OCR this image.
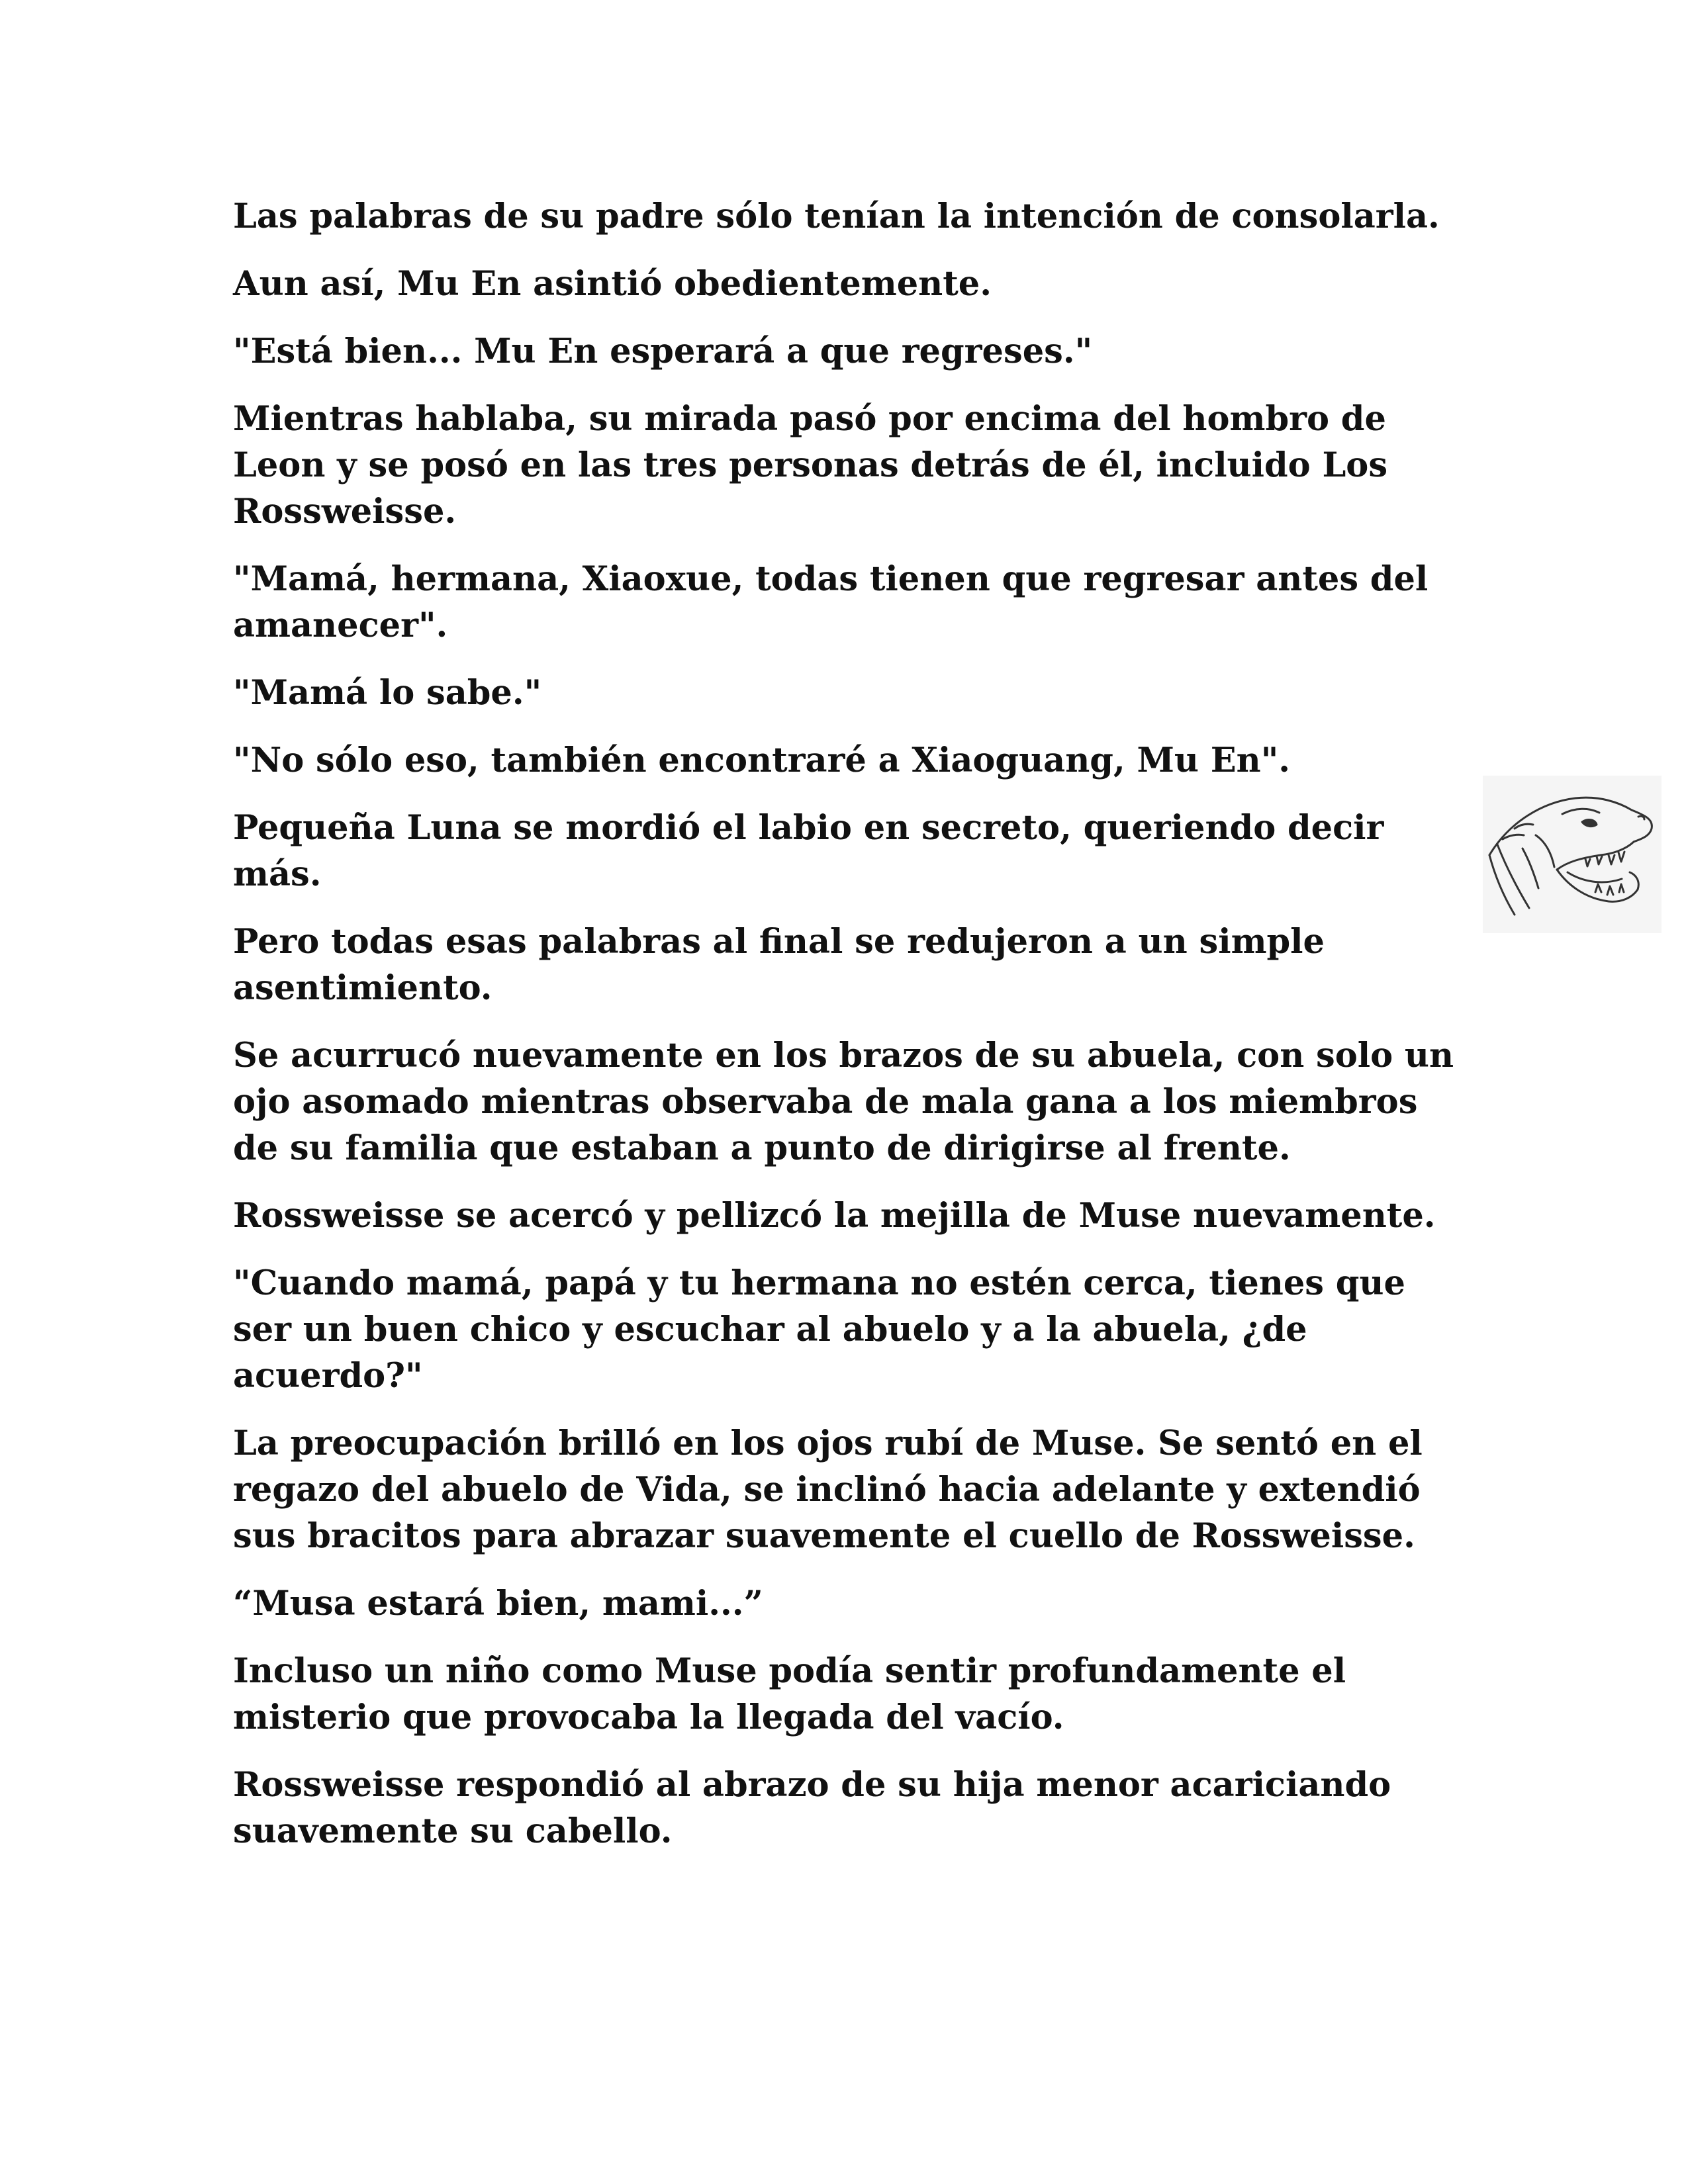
Las palabras de su padre sólo tenían la intención de consolarla.

Aun así, Mu En asintió obedientemente.

"Está bien... Mu En esperará a que regreses."

Mientras hablaba, su mirada pasó por encima del hombro de Leon y se posó en las tres personas detrás de él, incluido Los Rossweisse.

"Mamá, hermana, Xiaoxue, todas tienen que regresar antes del amanecer".

"Mamá lo sabe."

"No sólo eso, también encontraré a Xiaoguang, Mu En".

Pequeña Luna se mordió el labio en secreto, queriendo decir más.

Pero todas esas palabras al final se redujeron a un simple asentimiento.

Se acurrucó nuevamente en los brazos de su abuela, con solo un ojo asomado mientras observaba de mala gana a los miembros de su familia que estaban a punto de dirigirse al frente.

Rossweisse se acercó y pellizcó la mejilla de Muse nuevamente.

"Cuando mamá, papá y tu hermana no estén cerca, tienes que ser un buen chico y escuchar al abuelo y a la abuela, ¿de acuerdo?"

La preocupación brilló en los ojos rubí de Muse. Se sentó en el regazo del abuelo de Vida, se inclinó hacia adelante y extendió sus bracitos para abrazar suavemente el cuello de Rossweisse.

“Musa estará bien, mami...”

Incluso un niño como Muse podía sentir profundamente el misterio que provocaba la llegada del vacío.

Rossweisse respondió al abrazo de su hija menor acariciando suavemente su cabello.
